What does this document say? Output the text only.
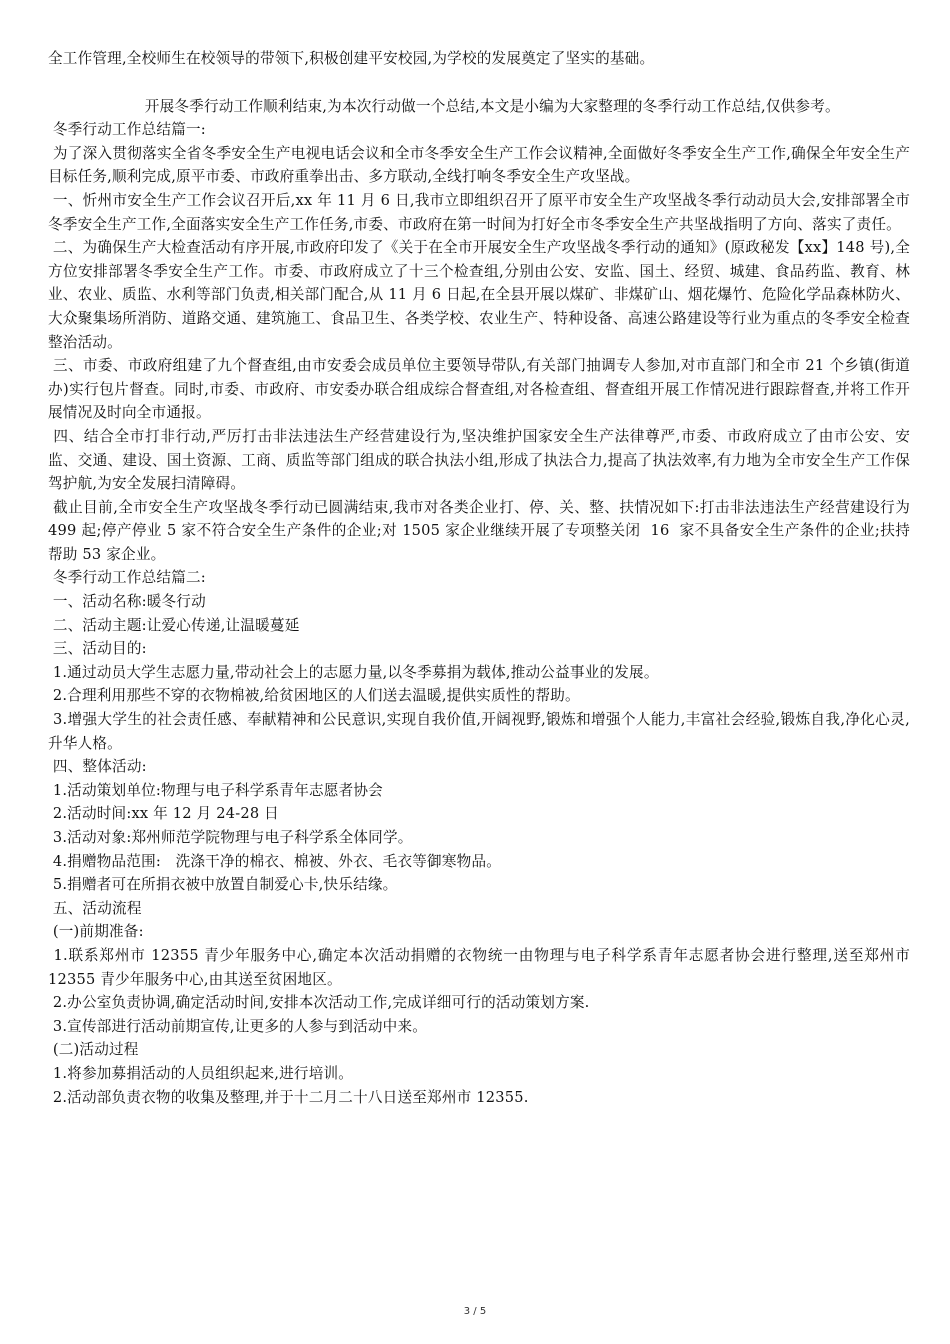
全工作管理,全校师生在校领导的带领下,积极创建平安校园,为学校的发展奠定了坚实的基础。

开展冬季行动工作顺利结束,为本次行动做一个总结,本文是小编为大家整理的冬季行动工作总结,仅供参考。

冬季行动工作总结篇一:

为了深入贯彻落实全省冬季安全生产电视电话会议和全市冬季安全生产工作会议精神,全面做好冬季安全生产工作,确保全年安全生产目标任务,顺利完成,原平市委、市政府重拳出击、多方联动,全线打响冬季安全生产攻坚战。

一、忻州市安全生产工作会议召开后,xx 年 11 月 6 日,我市立即组织召开了原平市安全生产攻坚战冬季行动动员大会,安排部署全市冬季安全生产工作,全面落实安全生产工作任务,市委、市政府在第一时间为打好全市冬季安全生产共坚战指明了方向、落实了责任。

二、为确保生产大检查活动有序开展,市政府印发了《关于在全市开展安全生产攻坚战冬季行动的通知》(原政秘发【xx】148 号),全方位安排部署冬季安全生产工作。市委、市政府成立了十三个检查组,分别由公安、安监、国土、经贸、城建、食品药监、教育、林业、农业、质监、水利等部门负责,相关部门配合,从 11 月 6 日起,在全县开展以煤矿、非煤矿山、烟花爆竹、危险化学品森林防火、大众聚集场所消防、道路交通、建筑施工、食品卫生、各类学校、农业生产、特种设备、高速公路建设等行业为重点的冬季安全检查整治活动。

三、市委、市政府组建了九个督查组,由市安委会成员单位主要领导带队,有关部门抽调专人参加,对市直部门和全市 21 个乡镇(街道办)实行包片督查。同时,市委、市政府、市安委办联合组成综合督查组,对各检查组、督查组开展工作情况进行跟踪督查,并将工作开展情况及时向全市通报。

四、结合全市打非行动,严厉打击非法违法生产经营建设行为,坚决维护国家安全生产法律尊严,市委、市政府成立了由市公安、安监、交通、建设、国土资源、工商、质监等部门组成的联合执法小组,形成了执法合力,提高了执法效率,有力地为全市安全生产工作保驾护航,为安全发展扫清障碍。

截止目前,全市安全生产攻坚战冬季行动已圆满结束,我市对各类企业打、停、关、整、扶情况如下:打击非法违法生产经营建设行为 499 起;停产停业 5 家不符合安全生产条件的企业;对 1505 家企业继续开展了专项整关闭  16  家不具备安全生产条件的企业;扶持帮助 53 家企业。

冬季行动工作总结篇二:

一、活动名称:暖冬行动

二、活动主题:让爱心传递,让温暖蔓延

三、活动目的:

1.通过动员大学生志愿力量,带动社会上的志愿力量,以冬季募捐为载体,推动公益事业的发展。

2.合理利用那些不穿的衣物棉被,给贫困地区的人们送去温暖,提供实质性的帮助。

3.增强大学生的社会责任感、奉献精神和公民意识,实现自我价值,开阔视野,锻炼和增强个人能力,丰富社会经验,锻炼自我,净化心灵,升华人格。

四、整体活动:

1.活动策划单位:物理与电子科学系青年志愿者协会

2.活动时间:xx 年 12 月 24-28 日

3.活动对象:郑州师范学院物理与电子科学系全体同学。

4.捐赠物品范围:   洗涤干净的棉衣、棉被、外衣、毛衣等御寒物品。

5.捐赠者可在所捐衣被中放置自制爱心卡,快乐结缘。

五、活动流程

(一)前期准备:

1.联系郑州市 12355 青少年服务中心,确定本次活动捐赠的衣物统一由物理与电子科学系青年志愿者协会进行整理,送至郑州市 12355 青少年服务中心,由其送至贫困地区。

2.办公室负责协调,确定活动时间,安排本次活动工作,完成详细可行的活动策划方案.

3.宣传部进行活动前期宣传,让更多的人参与到活动中来。

(二)活动过程

1.将参加募捐活动的人员组织起来,进行培训。

2.活动部负责衣物的收集及整理,并于十二月二十八日送至郑州市 12355.

3 / 5
